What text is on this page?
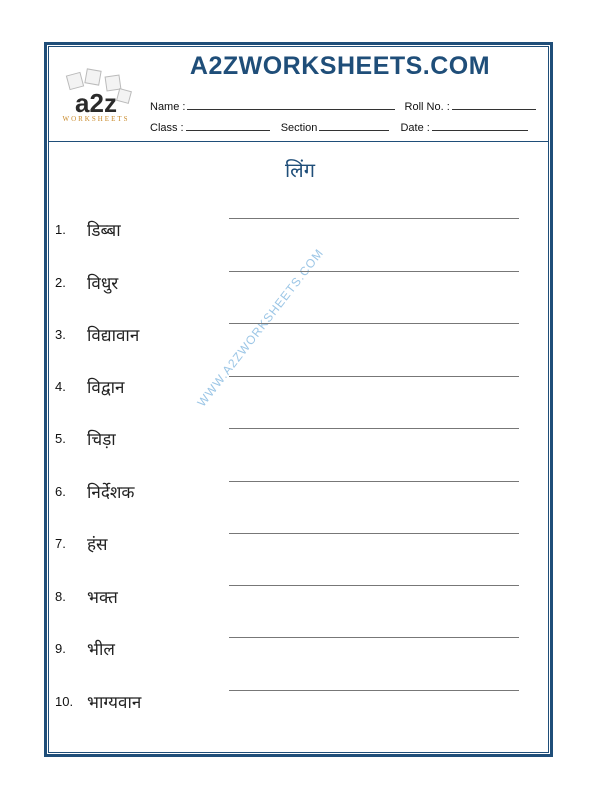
a2z
WORKSHEETS
A2ZWORKSHEETS.COM
Name :	Roll No. :
Class :	Section	Date :
लिंग
WWW.A2ZWORKSHEETS.COM
1. डिब्बा
2. विधुर
3. विद्यावान
4. विद्वान
5. चिड़ा
6. निर्देशक
7. हंस
8. भक्त
9. भील
10. भाग्यवान
